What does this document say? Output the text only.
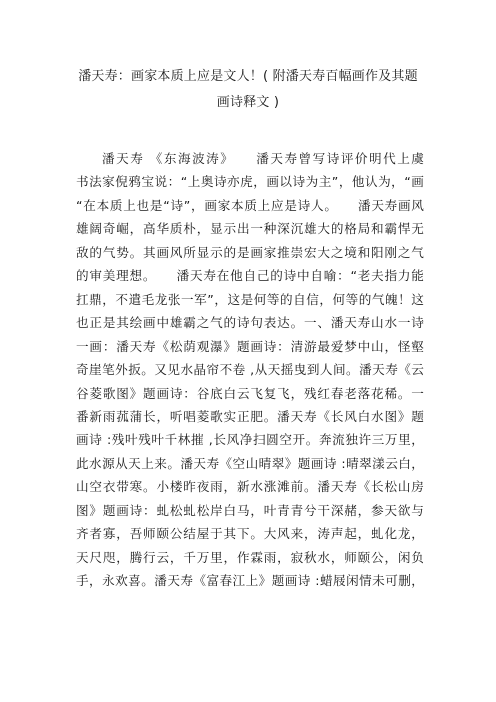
潘天寿：画家本质上应是文人！( 附潘天寿百幅画作及其题
画诗释文 )
潘天寿 《东海波涛》　　潘天寿曾写诗评价明代上虞
书法家倪鸦宝说：“上奥诗亦虎，画以诗为主”，他认为，“画
“在本质上也是“诗”，画家本质上应是诗人。　　潘天寿画风
雄阔奇崛，高华质朴，显示出一种深沉雄大的格局和霸悍无
敌的气势。其画风所显示的是画家推崇宏大之境和阳刚之气
的审美理想。　　潘天寿在他自己的诗中自喻：“老夫指力能
扛鼎，不遣毛龙张一军”，这是何等的自信，何等的气魄！这
也正是其绘画中雄霸之气的诗句表达。一、潘天寿山水一诗
一画：潘天寿《松荫观瀑》题画诗：清游最爱梦中山，怪壑
奇崖笔外扳。又见水晶帘不卷 ,从天摇曳到人间。潘天寿《云
谷菱歌图》题画诗：谷底白云飞复飞，残红春老落花稀。一
番新雨菰蒲长，听唱菱歌实正肥。潘天寿《长风白水图》题
画诗 :残叶残叶千林摧 ,长风净扫圆空开。奔流独许三万里，
此水源从天上来。潘天寿《空山晴翠》题画诗 :晴翠漾云白，
山空衣带寒。小楼昨夜雨，新水涨滩前。潘天寿《长松山房
图》题画诗：虬松虬松岸白马，叶青青兮干深赭，参天欲与
齐者寡，吾师颐公结屋于其下。大风来，涛声起，虬化龙，
天尺咫，腾行云，千万里，作霖雨，寂秋水，师颐公，闲负
手，永欢喜。潘天寿《富春江上》题画诗 :蜡屐闲情未可删，
